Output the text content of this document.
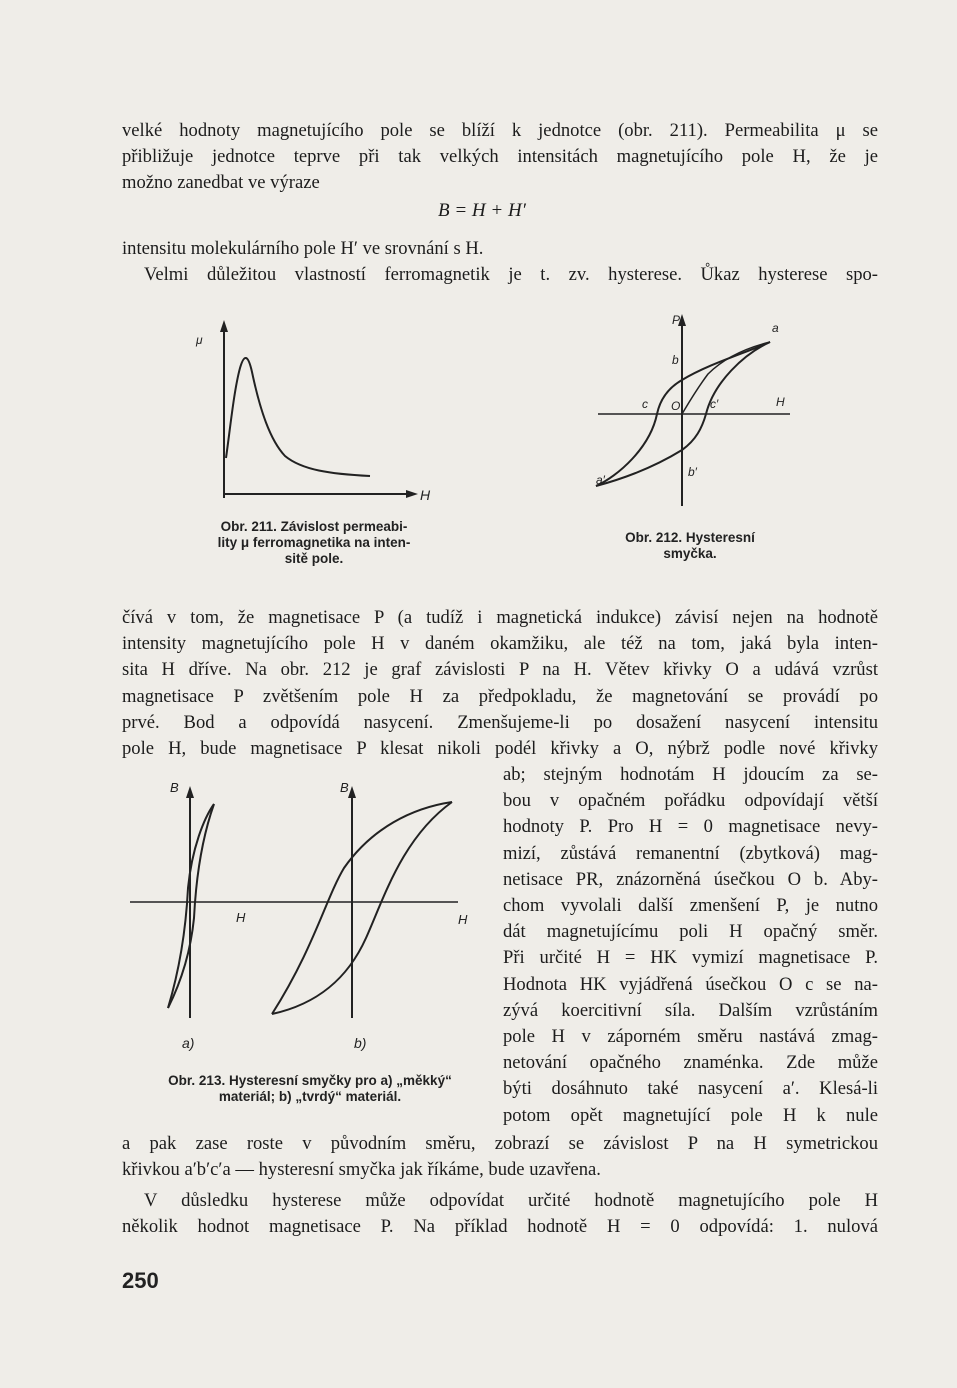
velké hodnoty magnetujícího pole se blíží k jednotce (obr. 211). Permeabilita μ se
přibližuje jednotce teprve při tak velkých intensitách magnetujícího pole H, že je
možno zanedbat ve výraze
B = H + H′
intensitu molekulárního pole H′ ve srovnání s H.
Velmi důležitou vlastností ferromagnetik je t. zv. hysterese. Ůkaz hysterese spo-
μ
H
Obr. 211. Závislost permeabi-
lity μ ferromagnetika na inten-
sitě pole.
P
a
b
c O c′	H
b′
a′
Obr. 212. Hysteresní
smyčka.
čívá v tom, že magnetisace P (a tudíž i magnetická indukce) závisí nejen na hodnotě
intensity magnetujícího pole H v daném okamžiku, ale též na tom, jaká byla inten-
sita H dříve. Na obr. 212 je graf závislosti P na H. Větev křivky O a udává vzrůst
magnetisace P zvětšením pole H za předpokladu, že magnetování se provádí po
prvé. Bod a odpovídá nasycení. Zmenšujeme-li po dosažení nasycení intensitu
pole H, bude magnetisace P klesat nikoli podél křivky a O, nýbrž podle nové křivky
B	B
H	H
a)	b)
Obr. 213. Hysteresní smyčky pro a) „měkký“
materiál; b) „tvrdý“ materiál.
ab; stejným hodnotám H jdoucím za se-
bou v opačném pořádku odpovídají větší
hodnoty P. Pro H = 0 magnetisace nevy-
mizí, zůstává remanentní (zbytková) mag-
netisace PR, znázorněná úsečkou O b. Aby-
chom vyvolali další zmenšení P, je nutno
dát magnetujícímu poli H opačný směr.
Při určité H = HK vymizí magnetisace P.
Hodnota HK vyjádřená úsečkou O c se na-
zývá koercitivní síla. Dalším vzrůstáním
pole H v záporném směru nastává zmag-
netování opačného znaménka. Zde může
býti dosáhnuto také nasycení a′. Klesá-li
potom opět magnetující pole H k nule
a pak zase roste v původním směru, zobrazí se závislost P na H symetrickou
křivkou a′b′c′a — hysteresní smyčka jak říkáme, bude uzavřena.
V důsledku hysterese může odpovídat určité hodnotě magnetujícího pole H
několik hodnot magnetisace P. Na příklad hodnotě H = 0 odpovídá: 1. nulová
250
